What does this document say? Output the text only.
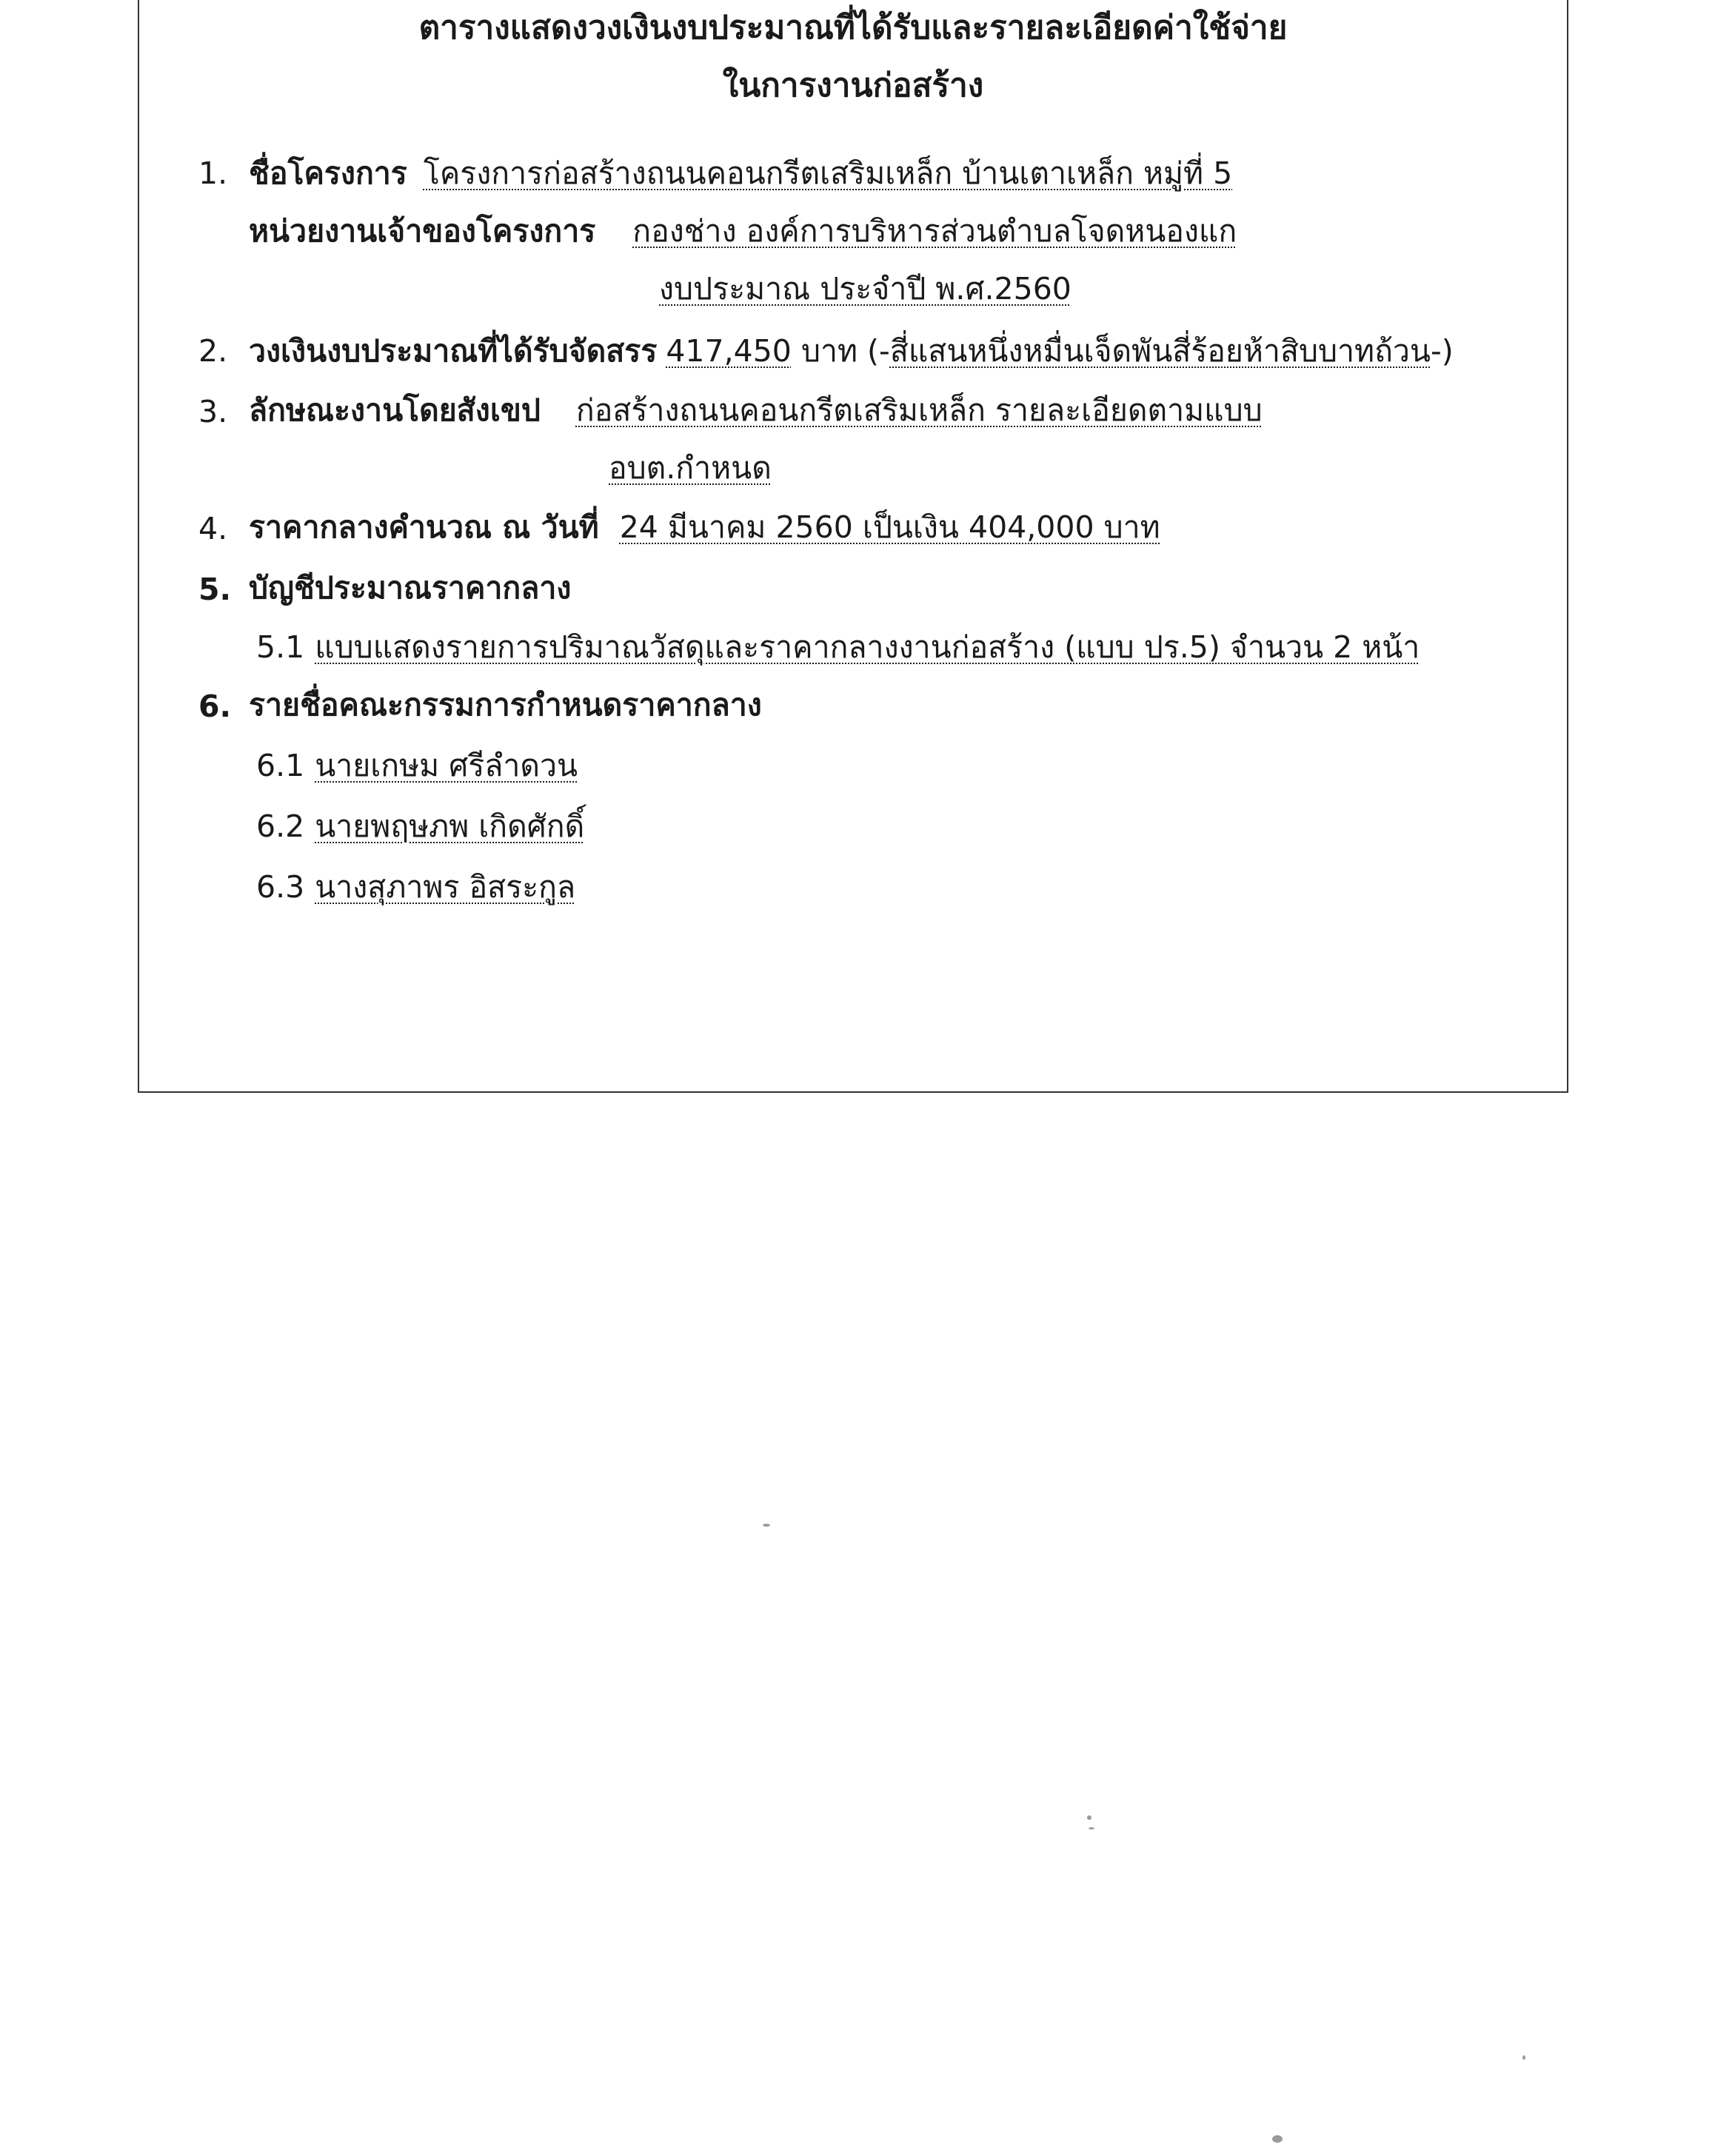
ตารางแสดงวงเงินงบประมาณที่ได้รับและรายละเอียดค่าใช้จ่าย
ในการงานก่อสร้าง
1. ชื่อโครงการ โครงการก่อสร้างถนนคอนกรีตเสริมเหล็ก บ้านเตาเหล็ก หมู่ที่ 5
หน่วยงานเจ้าของโครงการ กองช่าง องค์การบริหารส่วนตำบลโจดหนองแก
งบประมาณ ประจำปี พ.ศ.2560
2. วงเงินงบประมาณที่ได้รับจัดสรร 417,450 บาท (-สี่แสนหนึ่งหมื่นเจ็ดพันสี่ร้อยห้าสิบบาทถ้วน-)
3. ลักษณะงานโดยสังเขป ก่อสร้างถนนคอนกรีตเสริมเหล็ก รายละเอียดตามแบบ
อบต.กำหนด
4. ราคากลางคำนวณ ณ วันที่ 24 มีนาคม 2560 เป็นเงิน 404,000 บาท
5. บัญชีประมาณราคากลาง
5.1 แบบแสดงรายการปริมาณวัสดุและราคากลางงานก่อสร้าง (แบบ ปร.5) จำนวน 2 หน้า
6. รายชื่อคณะกรรมการกำหนดราคากลาง
6.1 นายเกษม ศรีลำดวน
6.2 นายพฤษภพ เกิดศักดิ์
6.3 นางสุภาพร อิสระกูล
